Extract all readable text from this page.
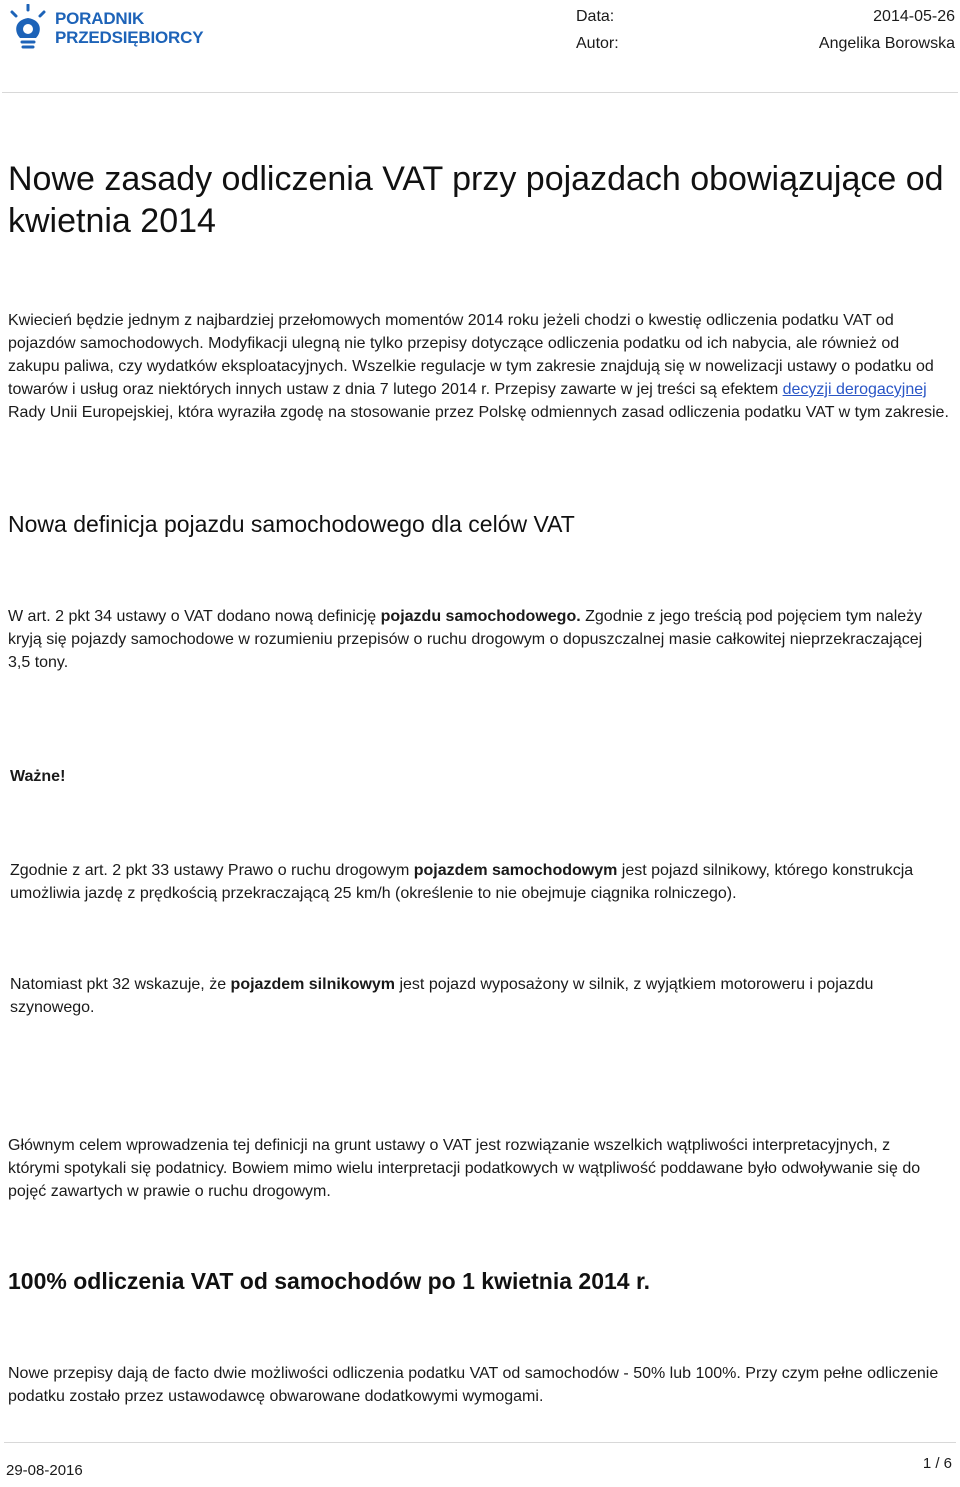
PORADNIK
PRZEDSIĘBIORCY
Data:
Autor:
2014-05-26
Angelika Borowska
Nowe zasady odliczenia VAT przy pojazdach obowiązujące od kwietnia 2014

Kwiecień będzie jednym z najbardziej przełomowych momentów 2014 roku jeżeli chodzi o kwestię odliczenia podatku VAT od pojazdów samochodowych. Modyfikacji ulegną nie tylko przepisy dotyczące odliczenia podatku od ich nabycia, ale również od zakupu paliwa, czy wydatków eksploatacyjnych. Wszelkie regulacje w tym zakresie znajdują się w nowelizacji ustawy o podatku od towarów i usług oraz niektórych innych ustaw z dnia 7 lutego 2014 r. Przepisy zawarte w jej treści są efektem decyzji derogacyjnej Rady Unii Europejskiej, która wyraziła zgodę na stosowanie przez Polskę odmiennych zasad odliczenia podatku VAT w tym zakresie.

Nowa definicja pojazdu samochodowego dla celów VAT

W art. 2 pkt 34 ustawy o VAT dodano nową definicję pojazdu samochodowego. Zgodnie z jego treścią pod pojęciem tym należy kryją się pojazdy samochodowe w rozumieniu przepisów o ruchu drogowym o dopuszczalnej masie całkowitej nieprzekraczającej 3,5 tony.

Ważne!

Zgodnie z art. 2 pkt 33 ustawy Prawo o ruchu drogowym pojazdem samochodowym jest pojazd silnikowy, którego konstrukcja umożliwia jazdę z prędkością przekraczającą 25 km/h (określenie to nie obejmuje ciągnika rolniczego).

Natomiast pkt 32 wskazuje, że pojazdem silnikowym jest pojazd wyposażony w silnik, z wyjątkiem motoroweru i pojazdu szynowego.

Głównym celem wprowadzenia tej definicji na grunt ustawy o VAT jest rozwiązanie wszelkich wątpliwości interpretacyjnych, z którymi spotykali się podatnicy. Bowiem mimo wielu interpretacji podatkowych w wątpliwość poddawane było odwoływanie się do pojęć zawartych w prawie o ruchu drogowym.

100% odliczenia VAT od samochodów po 1 kwietnia 2014 r.

Nowe przepisy dają de facto dwie możliwości odliczenia podatku VAT od samochodów - 50% lub 100%. Przy czym pełne odliczenie podatku zostało przez ustawodawcę obwarowane dodatkowymi wymogami.

29-08-2016	1 / 6
